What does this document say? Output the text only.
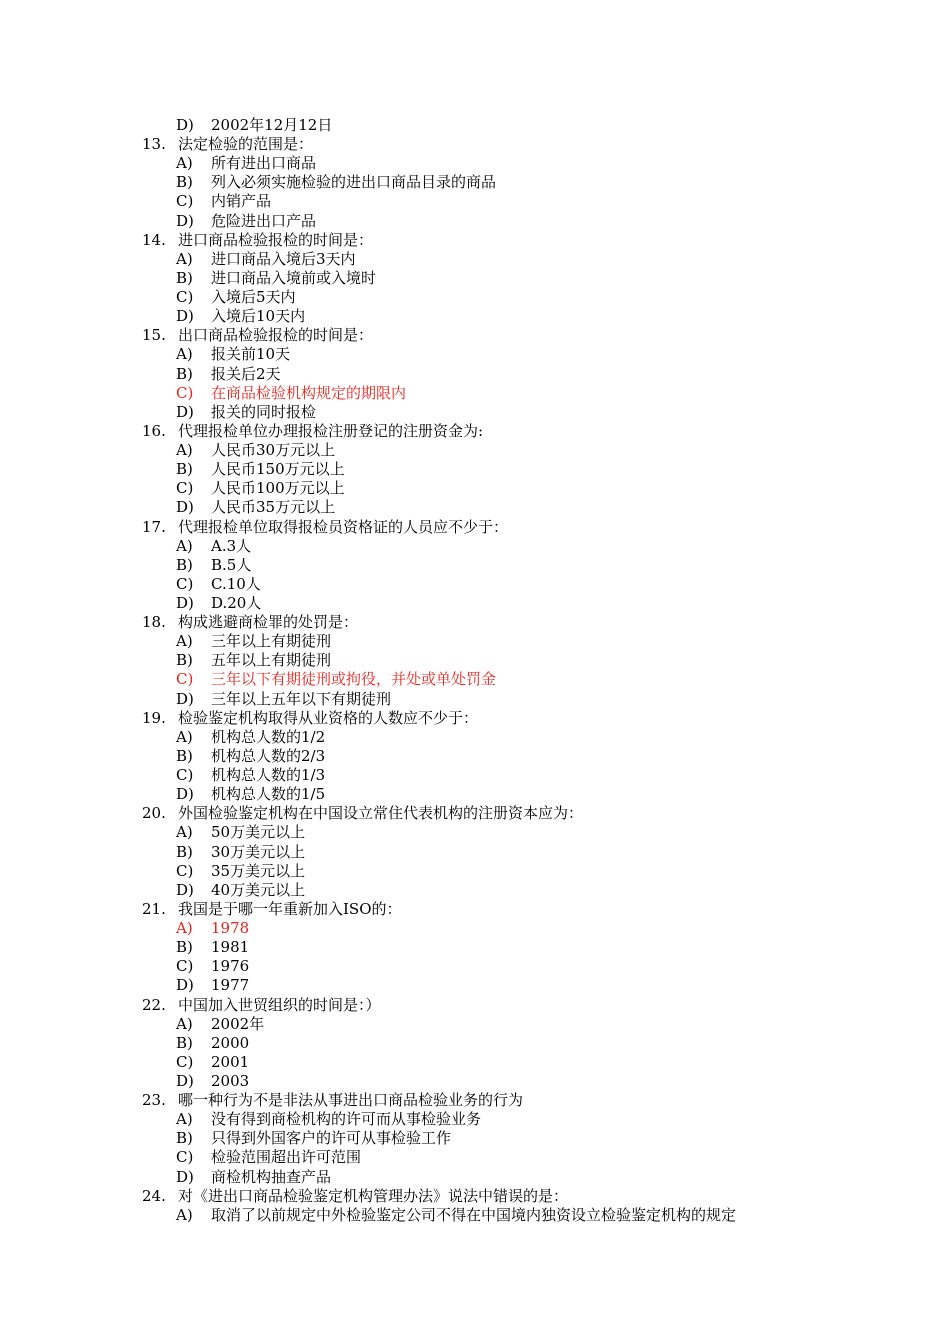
D) 2002年12月12日
13. 法定检验的范围是：
A) 所有进出口商品
B) 列入必须实施检验的进出口商品目录的商品
C) 内销产品
D) 危险进出口产品
14. 进口商品检验报检的时间是：
A) 进口商品入境后3天内
B) 进口商品入境前或入境时
C) 入境后5天内
D) 入境后10天内
15. 出口商品检验报检的时间是：
A) 报关前10天
B) 报关后2天
C) 在商品检验机构规定的期限内
D) 报关的同时报检
16. 代理报检单位办理报检注册登记的注册资金为:
A) 人民币30万元以上
B) 人民币150万元以上
C) 人民币100万元以上
D) 人民币35万元以上
17. 代理报检单位取得报检员资格证的人员应不少于：
A) A.3人
B) B.5人
C) C.10人
D) D.20人
18. 构成逃避商检罪的处罚是：
A) 三年以上有期徒刑
B) 五年以上有期徒刑
C) 三年以下有期徒刑或拘役，并处或单处罚金
D) 三年以上五年以下有期徒刑
19. 检验鉴定机构取得从业资格的人数应不少于：
A) 机构总人数的1/2
B) 机构总人数的2/3
C) 机构总人数的1/3
D) 机构总人数的1/5
20. 外国检验鉴定机构在中国设立常住代表机构的注册资本应为：
A) 50万美元以上
B) 30万美元以上
C) 35万美元以上
D) 40万美元以上
21. 我国是于哪一年重新加入ISO的：
A) 1978
B) 1981
C) 1976
D) 1977
22. 中国加入世贸组织的时间是：）
A) 2002年
B) 2000
C) 2001
D) 2003
23. 哪一种行为不是非法从事进出口商品检验业务的行为
A) 没有得到商检机构的许可而从事检验业务
B) 只得到外国客户的许可从事检验工作
C) 检验范围超出许可范围
D) 商检机构抽查产品
24. 对《进出口商品检验鉴定机构管理办法》说法中错误的是：
A) 取消了以前规定中外检验鉴定公司不得在中国境内独资设立检验鉴定机构的规定
